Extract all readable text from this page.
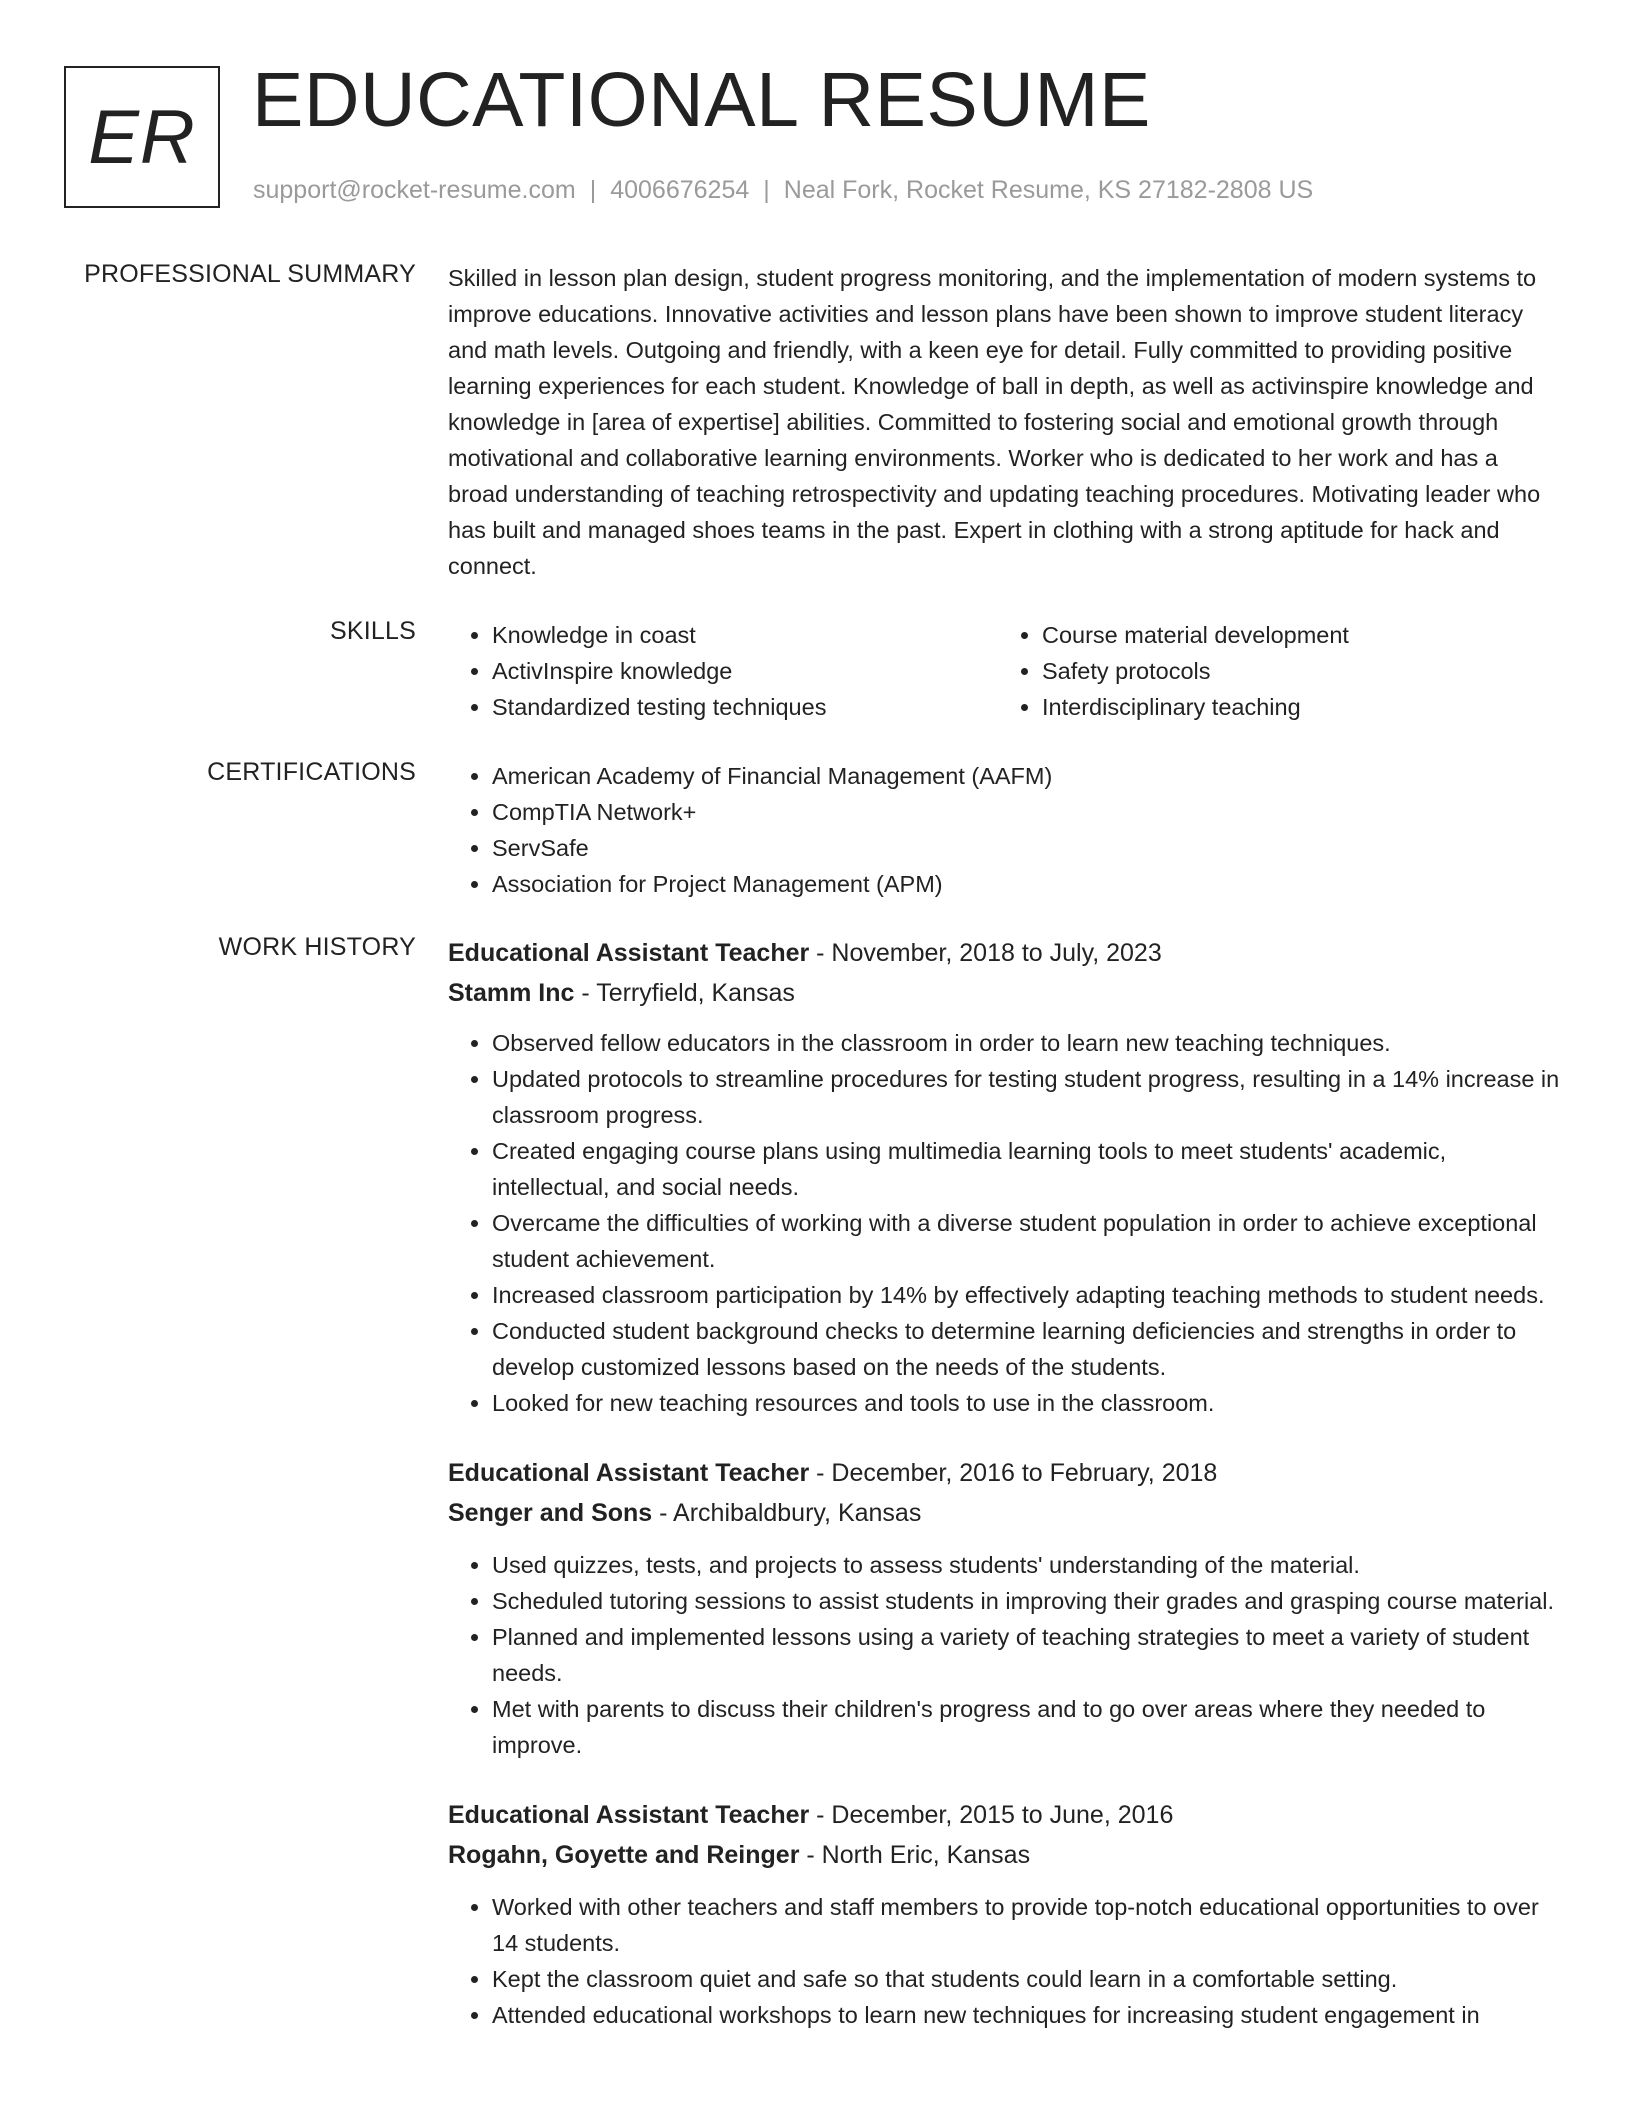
ER EDUCATIONAL RESUME
support@rocket-resume.com | 4006676254 | Neal Fork, Rocket Resume, KS 27182-2808 US
PROFESSIONAL SUMMARY Skilled in lesson plan design, student progress monitoring, and the implementation of modern systems to improve educations. Innovative activities and lesson plans have been shown to improve student literacy and math levels. Outgoing and friendly, with a keen eye for detail. Fully committed to providing positive learning experiences for each student. Knowledge of ball in depth, as well as activinspire knowledge and knowledge in [area of expertise] abilities. Committed to fostering social and emotional growth through motivational and collaborative learning environments. Worker who is dedicated to her work and has a broad understanding of teaching retrospectivity and updating teaching procedures. Motivating leader who has built and managed shoes teams in the past. Expert in clothing with a strong aptitude for hack and connect.
SKILLS	• Knowledge in coast
• ActivInspire knowledge
• Standardized testing techniques
• Course material development
• Safety protocols
• Interdisciplinary teaching
CERTIFICATIONS	• American Academy of Financial Management (AAFM)
• CompTIA Network+
• ServSafe
• Association for Project Management (APM)
WORK HISTORY Educational Assistant Teacher - November, 2018 to July, 2023
Stamm Inc - Terryfield, Kansas
• Observed fellow educators in the classroom in order to learn new teaching techniques.
• Updated protocols to streamline procedures for testing student progress, resulting in a 14% increase in classroom progress.
• Created engaging course plans using multimedia learning tools to meet students' academic, intellectual, and social needs.
• Overcame the difficulties of working with a diverse student population in order to achieve exceptional student achievement.
• Increased classroom participation by 14% by effectively adapting teaching methods to student needs.
• Conducted student background checks to determine learning deficiencies and strengths in order to develop customized lessons based on the needs of the students.
• Looked for new teaching resources and tools to use in the classroom.
Educational Assistant Teacher - December, 2016 to February, 2018
Senger and Sons - Archibaldbury, Kansas
• Used quizzes, tests, and projects to assess students' understanding of the material.
• Scheduled tutoring sessions to assist students in improving their grades and grasping course material.
• Planned and implemented lessons using a variety of teaching strategies to meet a variety of student needs.
• Met with parents to discuss their children's progress and to go over areas where they needed to improve.
Educational Assistant Teacher - December, 2015 to June, 2016
Rogahn, Goyette and Reinger - North Eric, Kansas
• Worked with other teachers and staff members to provide top-notch educational opportunities to over 14 students.
• Kept the classroom quiet and safe so that students could learn in a comfortable setting.
• Attended educational workshops to learn new techniques for increasing student engagement in
